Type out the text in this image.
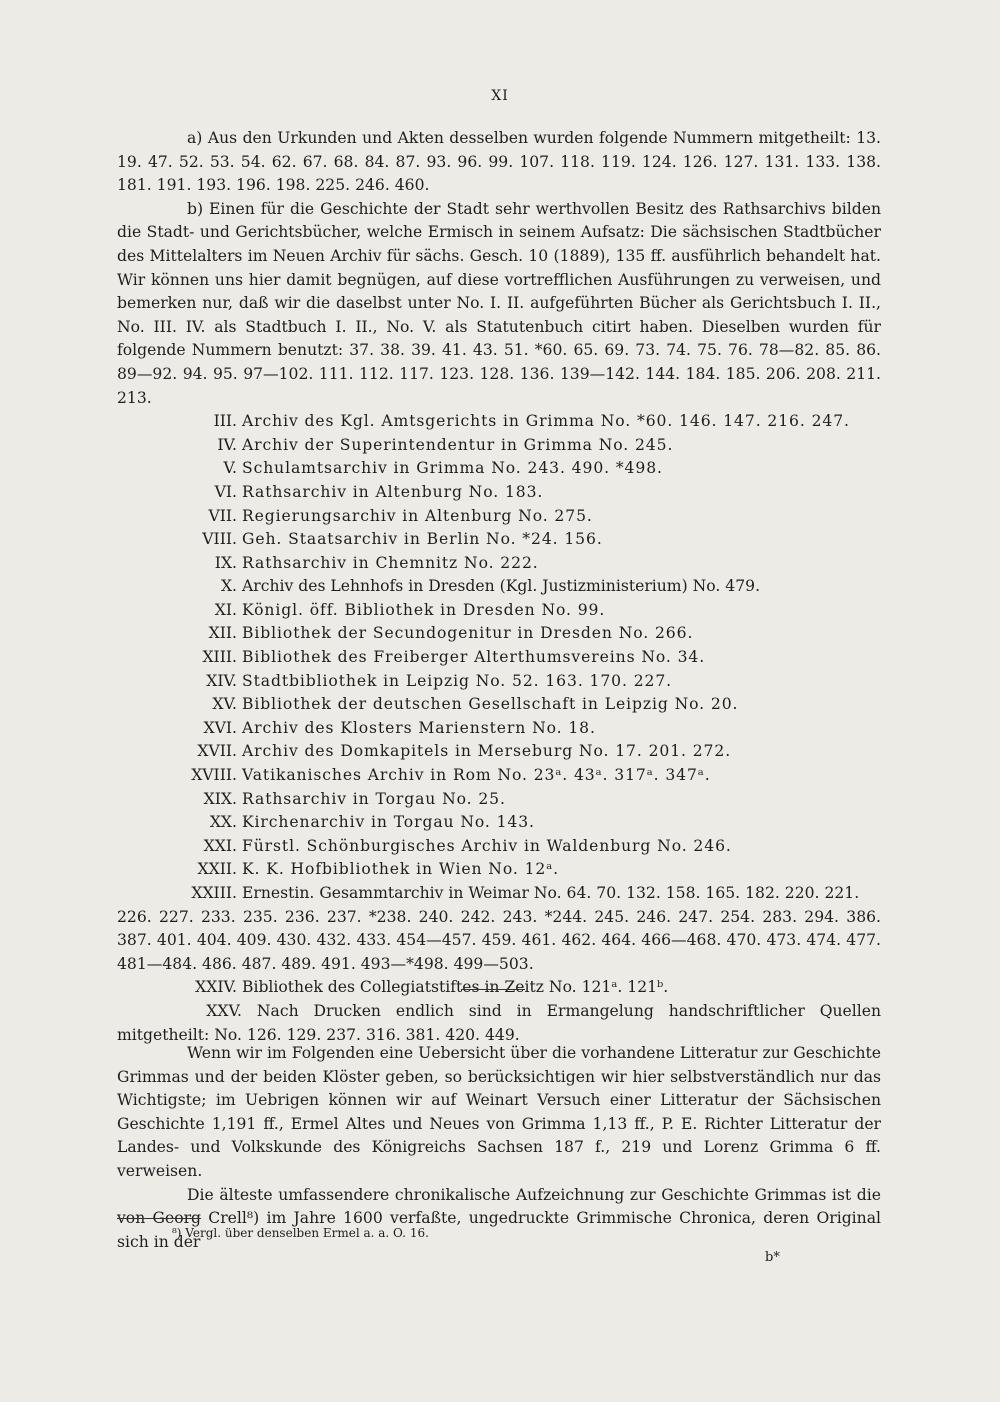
XI

a) Aus den Urkunden und Akten desselben wurden folgende Nummern mitgetheilt: 13. 19. 47. 52. 53. 54. 62. 67. 68. 84. 87. 93. 96. 99. 107. 118. 119. 124. 126. 127. 131. 133. 138. 181. 191. 193. 196. 198. 225. 246. 460.

b) Einen für die Geschichte der Stadt sehr werthvollen Besitz des Rathsarchivs bilden die Stadt- und Gerichtsbücher, welche Ermisch in seinem Aufsatz: Die sächsischen Stadtbücher des Mittelalters im Neuen Archiv für sächs. Gesch. 10 (1889), 135 ff. ausführlich behandelt hat. Wir können uns hier damit begnügen, auf diese vortrefflichen Ausführungen zu verweisen, und bemerken nur, daß wir die daselbst unter No. I. II. aufgeführten Bücher als Gerichtsbuch I. II., No. III. IV. als Stadtbuch I. II., No. V. als Statutenbuch citirt haben. Dieselben wurden für folgende Nummern benutzt: 37. 38. 39. 41. 43. 51. *60. 65. 69. 73. 74. 75. 76. 78—82. 85. 86. 89—92. 94. 95. 97—102. 111. 112. 117. 123. 128. 136. 139—142. 144. 184. 185. 206. 208. 211. 213.

III. Archiv des Kgl. Amtsgerichts in Grimma No. *60. 146. 147. 216. 247.
IV. Archiv der Superintendentur in Grimma No. 245.
V. Schulamtsarchiv in Grimma No. 243. 490. *498.
VI. Rathsarchiv in Altenburg No. 183.
VII. Regierungsarchiv in Altenburg No. 275.
VIII. Geh. Staatsarchiv in Berlin No. *24. 156.
IX. Rathsarchiv in Chemnitz No. 222.
X. Archiv des Lehnhofs in Dresden (Kgl. Justizministerium) No. 479.
XI. Königl. öff. Bibliothek in Dresden No. 99.
XII. Bibliothek der Secundogenitur in Dresden No. 266.
XIII. Bibliothek des Freiberger Alterthumsvereins No. 34.
XIV. Stadtbibliothek in Leipzig No. 52. 163. 170. 227.
XV. Bibliothek der deutschen Gesellschaft in Leipzig No. 20.
XVI. Archiv des Klosters Marienstern No. 18.
XVII. Archiv des Domkapitels in Merseburg No. 17. 201. 272.
XVIII. Vatikanisches Archiv in Rom No. 23ᵃ. 43ᵃ. 317ᵃ. 347ᵃ.
XIX. Rathsarchiv in Torgau No. 25.
XX. Kirchenarchiv in Torgau No. 143.
XXI. Fürstl. Schönburgisches Archiv in Waldenburg No. 246.
XXII. K. K. Hofbibliothek in Wien No. 12ᵃ.
XXIII. Ernestin. Gesammtarchiv in Weimar No. 64. 70. 132. 158. 165. 182. 220. 221.

226. 227. 233. 235. 236. 237. *238. 240. 242. 243. *244. 245. 246. 247. 254. 283. 294. 386. 387. 401. 404. 409. 430. 432. 433. 454—457. 459. 461. 462. 464. 466—468. 470. 473. 474. 477. 481—484. 486. 487. 489. 491. 493—*498. 499—503.

XXIV. Bibliothek des Collegiatstiftes in Zeitz No. 121ᵃ. 121ᵇ.

XXV. Nach Drucken endlich sind in Ermangelung handschriftlicher Quellen mitgetheilt: No. 126. 129. 237. 316. 381. 420. 449.

Wenn wir im Folgenden eine Uebersicht über die vorhandene Litteratur zur Geschichte Grimmas und der beiden Klöster geben, so berücksichtigen wir hier selbstverständlich nur das Wichtigste; im Uebrigen können wir auf Weinart Versuch einer Litteratur der Sächsischen Geschichte 1,191 ff., Ermel Altes und Neues von Grimma 1,13 ff., P. E. Richter Litteratur der Landes- und Volkskunde des Königreichs Sachsen 187 f., 219 und Lorenz Grimma 6 ff. verweisen.

Die älteste umfassendere chronikalische Aufzeichnung zur Geschichte Grimmas ist die von Georg Crell⁸) im Jahre 1600 verfaßte, ungedruckte Grimmische Chronica, deren Original sich in der

⁸) Vergl. über denselben Ermel a. a. O. 16.
b*
